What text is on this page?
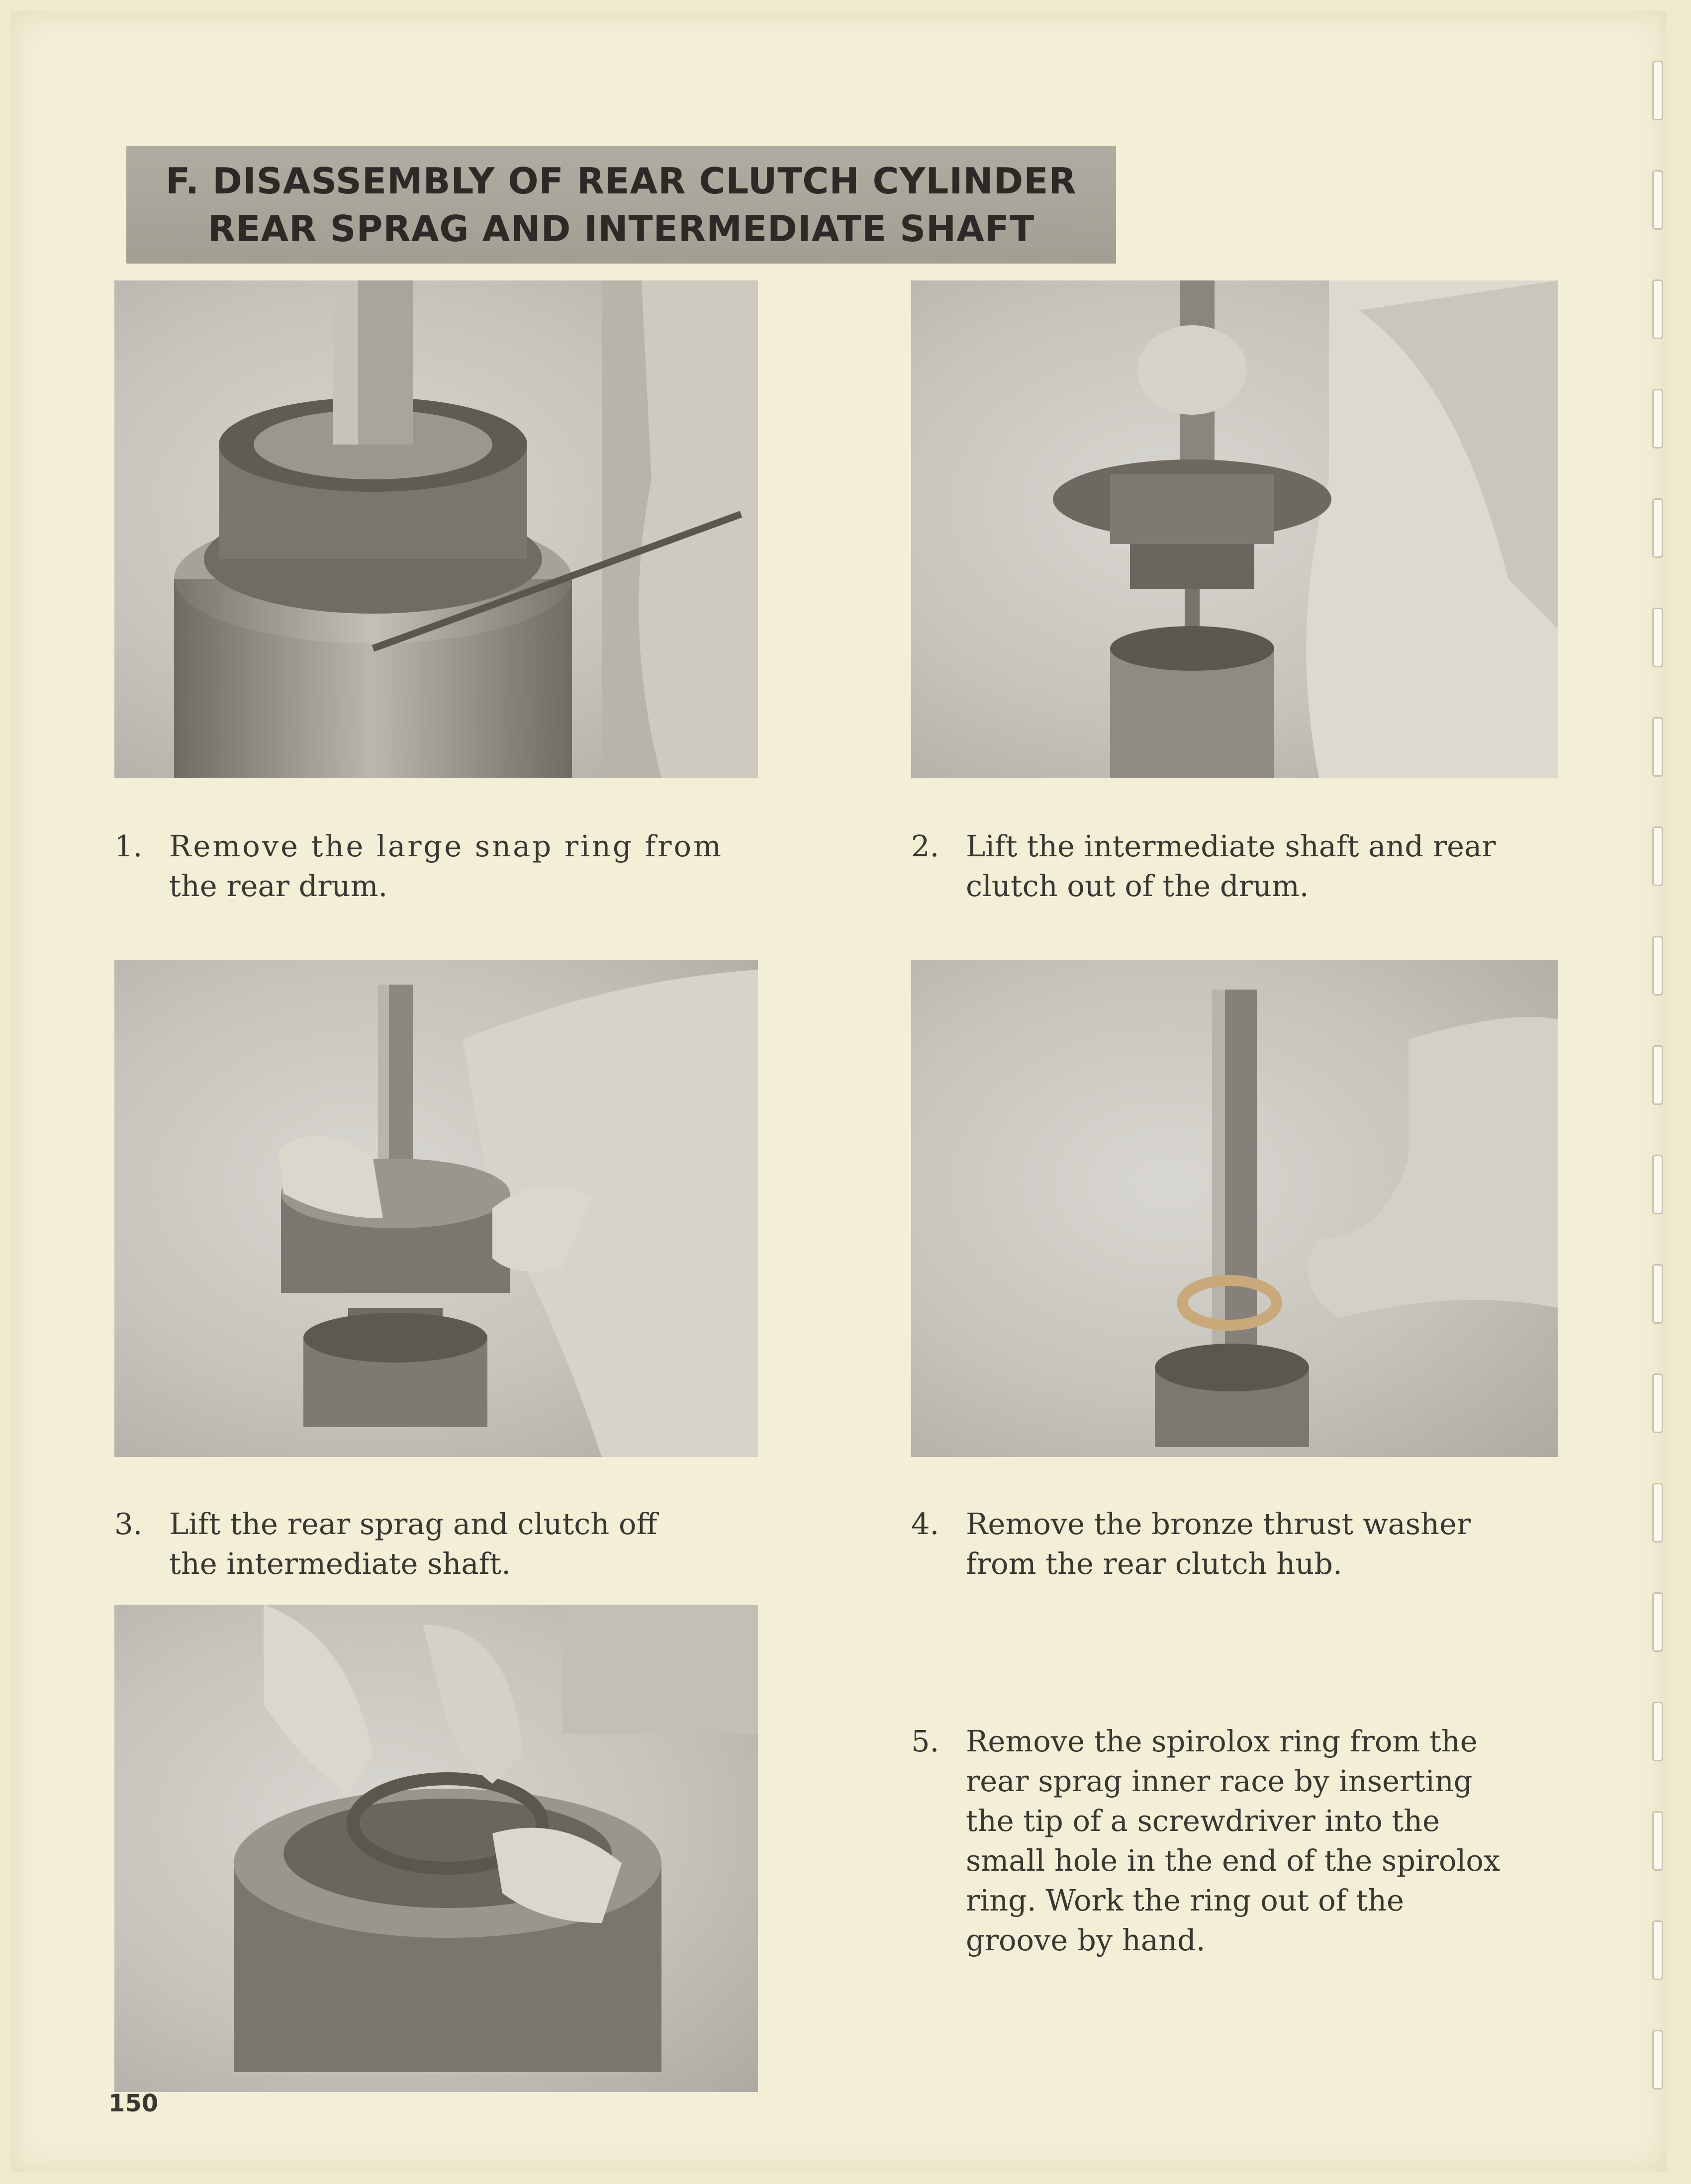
F. DISASSEMBLY OF REAR CLUTCH CYLINDER
REAR SPRAG AND INTERMEDIATE SHAFT
1. Remove the large snap ring from
the rear drum.
2. Lift the intermediate shaft and rear
clutch out of the drum.
3. Lift the rear sprag and clutch off
the intermediate shaft.
4. Remove the bronze thrust washer
from the rear clutch hub.
5. Remove the spirolox ring from the
rear sprag inner race by inserting
the tip of a screwdriver into the
small hole in the end of the spirolox
ring. Work the ring out of the
groove by hand.
150
